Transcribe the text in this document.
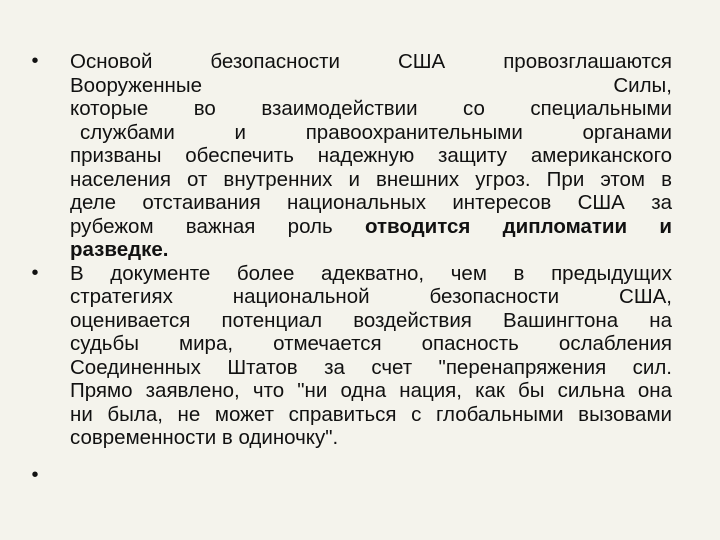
• Основой безопасности США провозглашаются
Вооруженные Силы,
которые во взаимодействии со специальными
службами и правоохранительными органами
призваны обеспечить надежную защиту американского
населения от внутренних и внешних угроз. При этом в
деле отстаивания национальных интересов США за
рубежом важная роль отводится дипломатии и
разведке.
• В документе более адекватно, чем в предыдущих
стратегиях национальной безопасности США,
оценивается потенциал воздействия Вашингтона на
судьбы мира, отмечается опасность ослабления
Соединенных Штатов за счет "перенапряжения сил.
Прямо заявлено, что "ни одна нация, как бы сильна она
ни была, не может справиться с глобальными вызовами
современности в одиночку".
•
